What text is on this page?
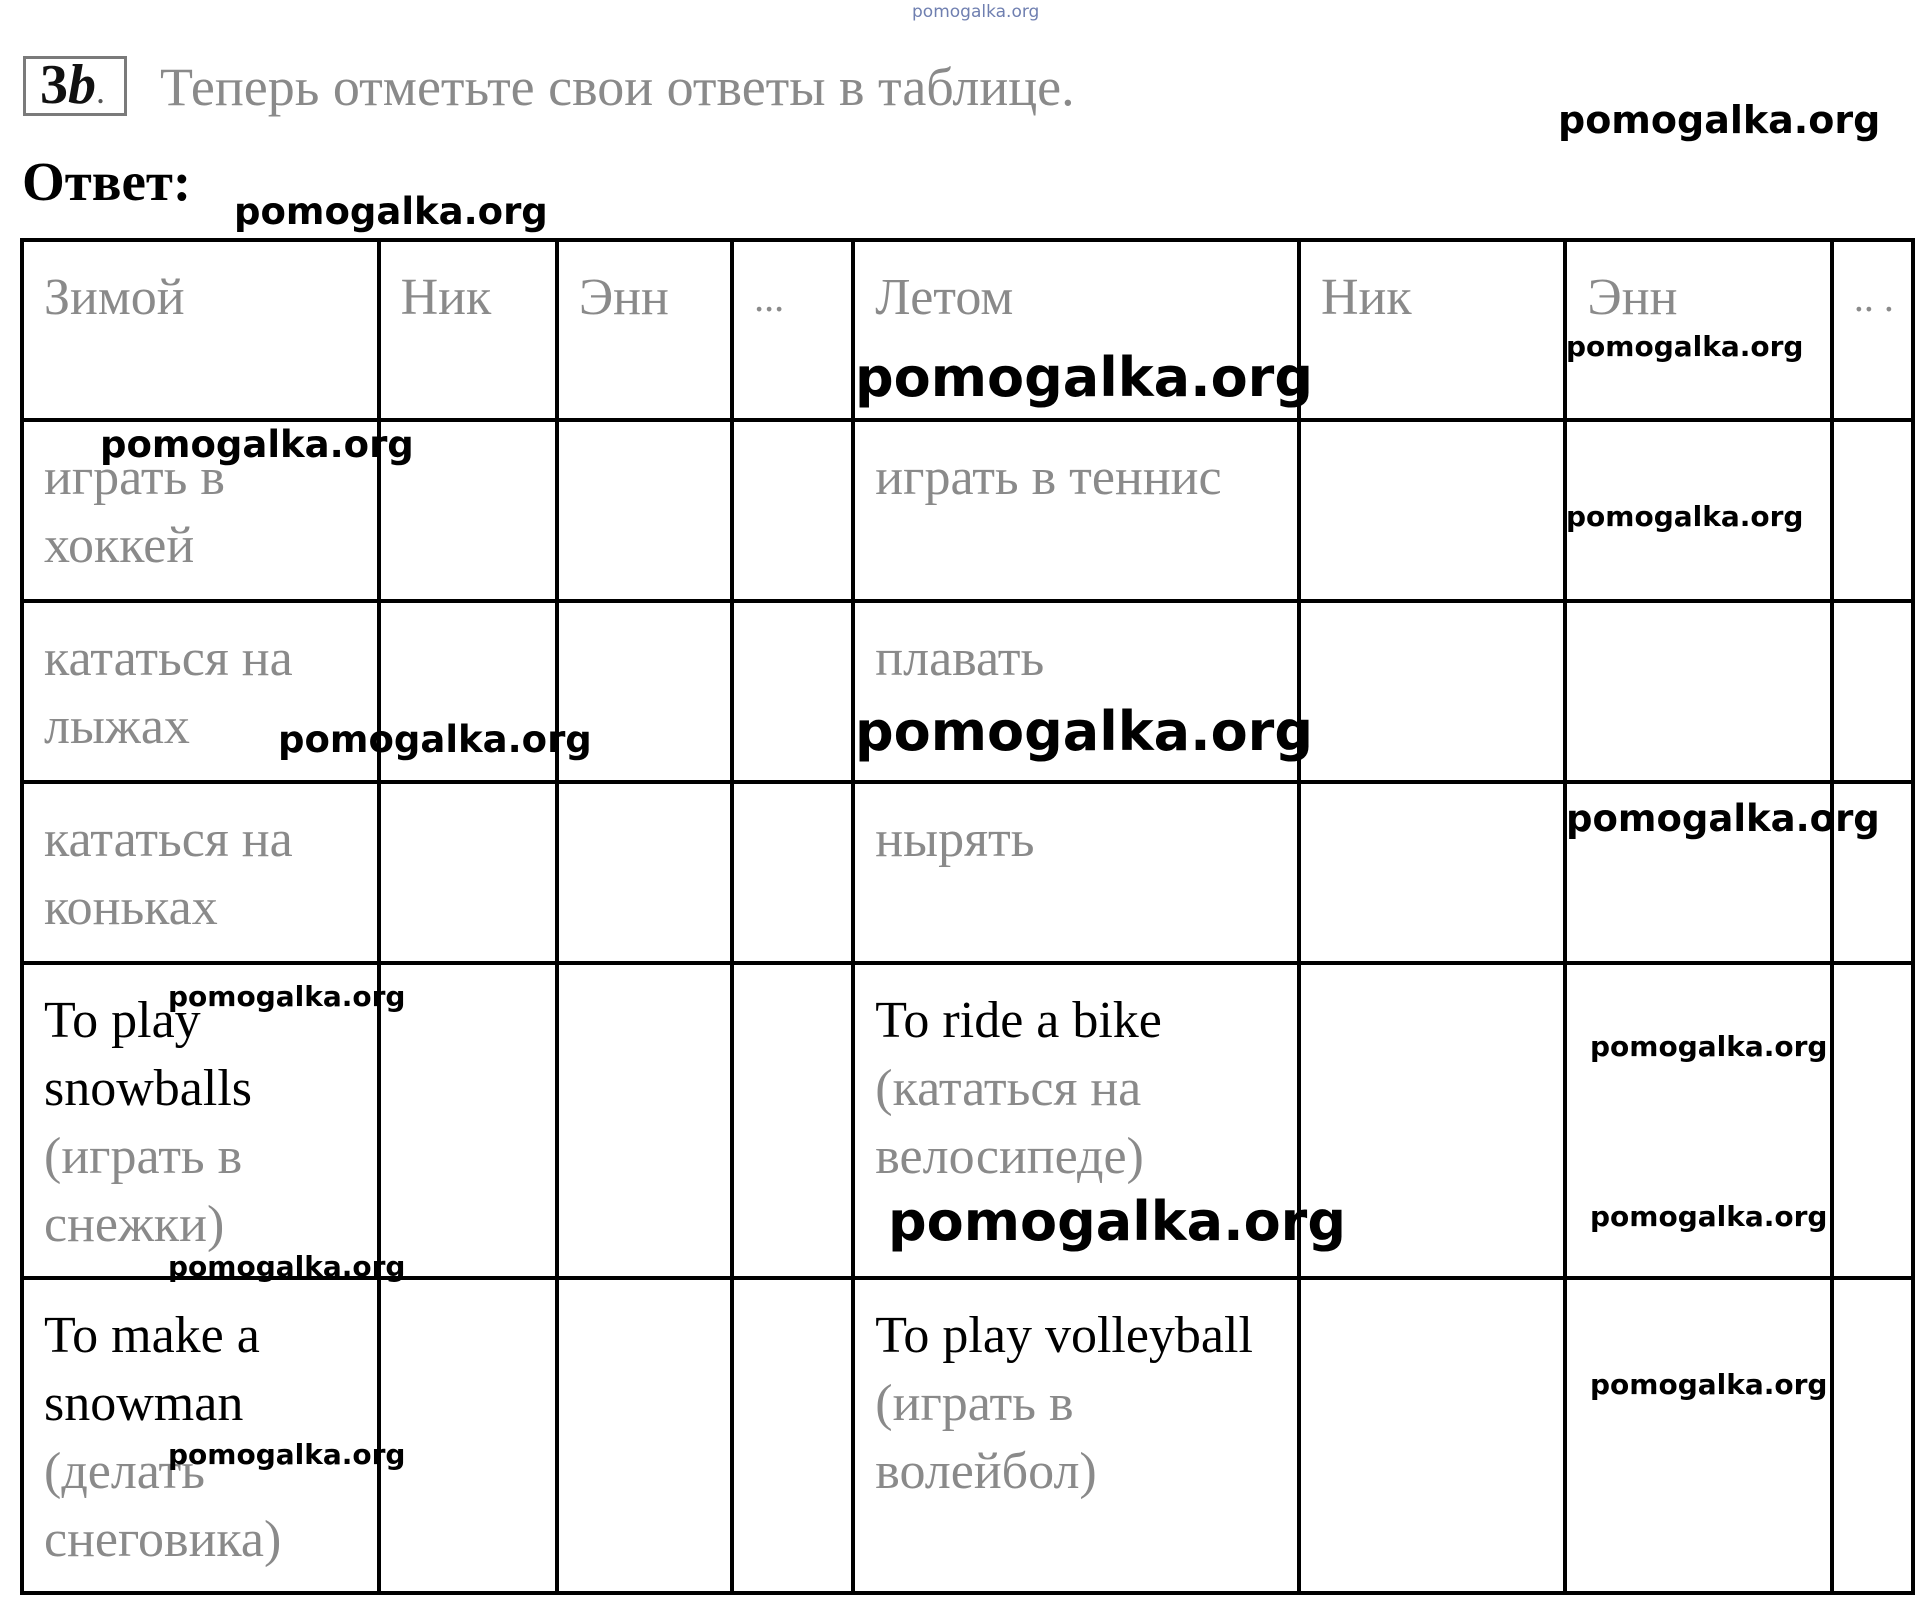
pomogalka.org
3b.	Теперь отметьте свои ответы в таблице.
pomogalka.org
Ответ: pomogalka.org
Зимой	Ник	Энн	...	Летом	Ник	Энн	.. .
играть в хоккей				играть в теннис			
кататься на лыжах				плавать			
кататься на коньках				нырять			
To play snowballs (играть в снежки)				To ride a bike (кататься на велосипеде)			
To make a snowman (делать снеговика)				To play volleyball (играть в волейбол)			
pomogalka.org	pomogalka.org
pomogalka.org
pomogalka.org
pomogalka.org	pomogalka.org
pomogalka.org
pomogalka.org
pomogalka.org
pomogalka.org
pomogalka.org	pomogalka.org
pomogalka.org
pomogalka.org
